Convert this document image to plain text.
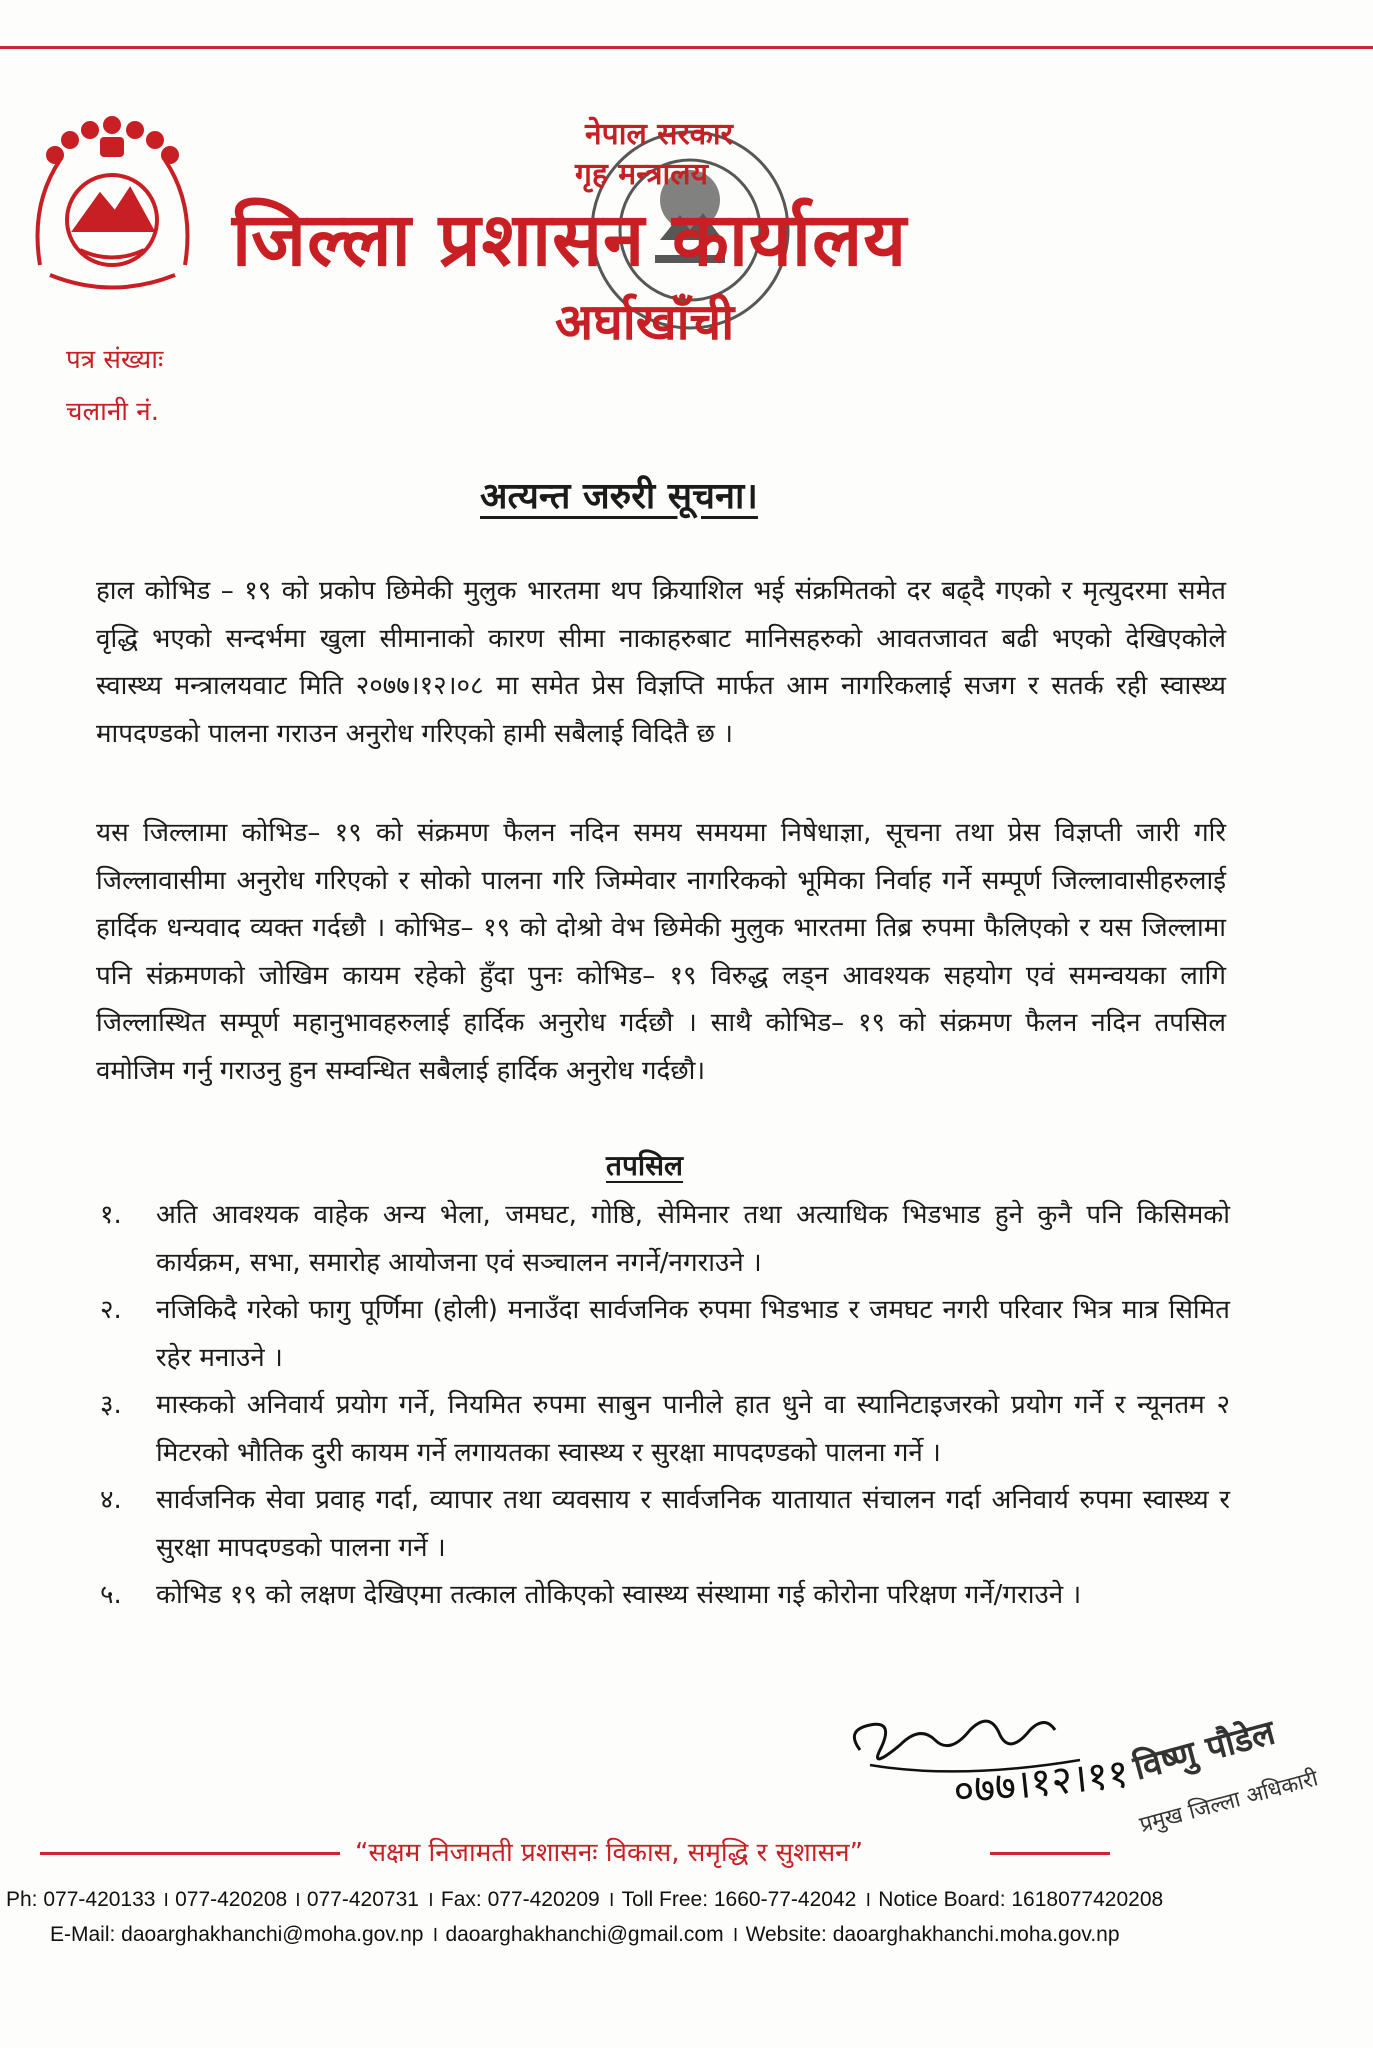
नेपाल सरकार
गृह मन्त्रालय
जिल्ला प्रशासन कार्यालय
अर्घाखाँची
पत्र संख्याः
चलानी नं.
अत्यन्त जरुरी सूचना।
हाल कोभिड – १९ को प्रकोप छिमेकी मुलुक भारतमा थप क्रियाशिल भई संक्रमितको दर बढ्दै गएको र मृत्युदरमा समेत वृद्धि भएको सन्दर्भमा खुला सीमानाको कारण सीमा नाकाहरुबाट मानिसहरुको आवतजावत बढी भएको देखिएकोले स्वास्थ्य मन्त्रालयवाट मिति २०७७।१२।०८ मा समेत प्रेस विज्ञप्ति मार्फत आम नागरिकलाई सजग र सतर्क रही स्वास्थ्य मापदण्डको पालना गराउन अनुरोध गरिएको हामी सबैलाई विदितै छ ।
यस जिल्लामा कोभिड– १९ को संक्रमण फैलन नदिन समय समयमा निषेधाज्ञा, सूचना तथा प्रेस विज्ञप्ती जारी गरि जिल्लावासीमा अनुरोध गरिएको र सोको पालना गरि जिम्मेवार नागरिकको भूमिका निर्वाह गर्ने सम्पूर्ण जिल्लावासीहरुलाई हार्दिक धन्यवाद व्यक्त गर्दछौ । कोभिड– १९ को दोश्रो वेभ छिमेकी मुलुक भारतमा तिब्र रुपमा फैलिएको र यस जिल्लामा पनि संक्रमणको जोखिम कायम रहेको हुँदा पुनः कोभिड– १९ विरुद्ध लड्न आवश्यक सहयोग एवं समन्वयका लागि जिल्लास्थित सम्पूर्ण महानुभावहरुलाई हार्दिक अनुरोध गर्दछौ । साथै कोभिड– १९ को संक्रमण फैलन नदिन तपसिल वमोजिम गर्नु गराउनु हुन सम्वन्धित सबैलाई हार्दिक अनुरोध गर्दछौ।
तपसिल
१. अति आवश्यक वाहेक अन्य भेला, जमघट, गोष्ठि, सेमिनार तथा अत्याधिक भिडभाड हुने कुनै पनि किसिमको कार्यक्रम, सभा, समारोह आयोजना एवं सञ्चालन नगर्ने/नगराउने ।
२. नजिकिदै गरेको फागु पूर्णिमा (होली) मनाउँदा सार्वजनिक रुपमा भिडभाड र जमघट नगरी परिवार भित्र मात्र सिमित रहेर मनाउने ।
३. मास्कको अनिवार्य प्रयोग गर्ने, नियमित रुपमा साबुन पानीले हात धुने वा स्यानिटाइजरको प्रयोग गर्ने र न्यूनतम २ मिटरको भौतिक दुरी कायम गर्ने लगायतका स्वास्थ्य र सुरक्षा मापदण्डको पालना गर्ने ।
४. सार्वजनिक सेवा प्रवाह गर्दा, व्यापार तथा व्यवसाय र सार्वजनिक यातायात संचालन गर्दा अनिवार्य रुपमा स्वास्थ्य र सुरक्षा मापदण्डको पालना गर्ने ।
५. कोभिड १९ को लक्षण देखिएमा तत्काल तोकिएको स्वास्थ्य संस्थामा गई कोरोना परिक्षण गर्ने/गराउने ।
०७७।१२।११
विष्णु पौडेल
प्रमुख जिल्ला अधिकारी
“सक्षम निजामती प्रशासनः विकास, समृद्धि र सुशासन”
Ph: 077-420133 । 077-420208 । 077-420731 । Fax: 077-420209 । Toll Free: 1660-77-42042 । Notice Board: 1618077420208
E-Mail: daoarghakhanchi@moha.gov.np । daoarghakhanchi@gmail.com । Website: daoarghakhanchi.moha.gov.np
